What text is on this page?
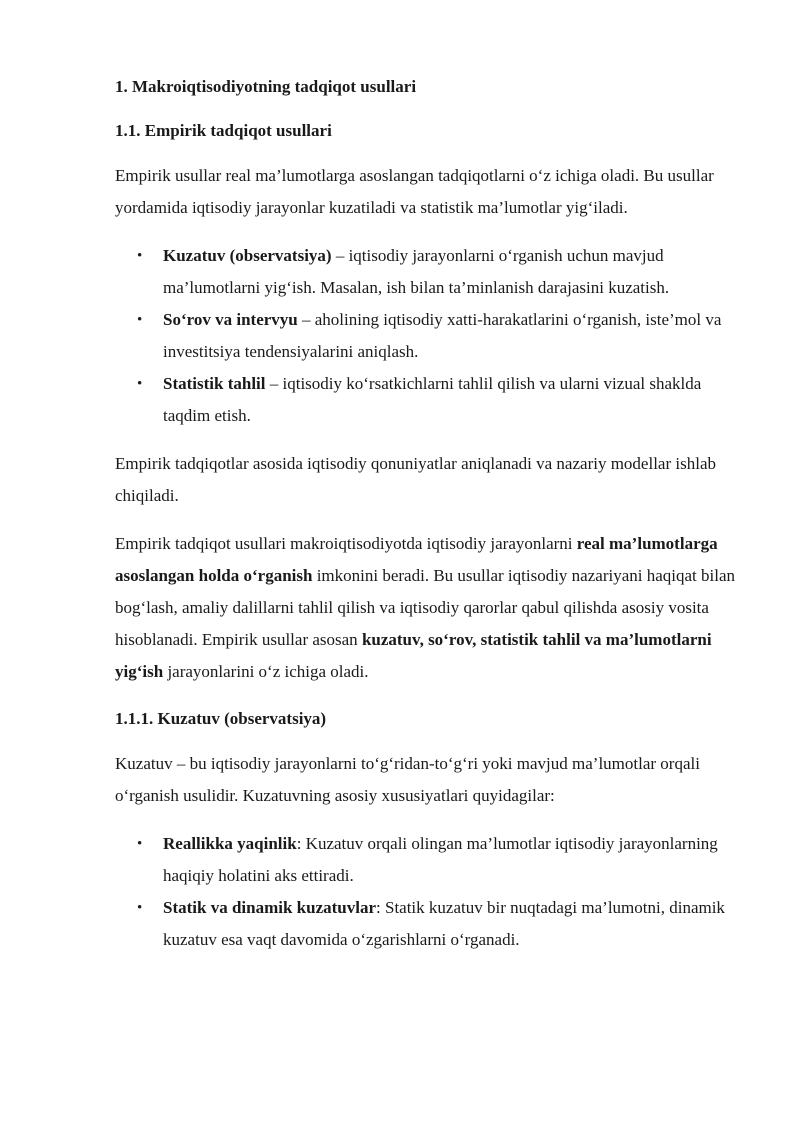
1. Makroiqtisodiyotning tadqiqot usullari
1.1. Empirik tadqiqot usullari

Empirik usullar real ma’lumotlarga asoslangan tadqiqotlarni o‘z ichiga oladi. Bu usullar yordamida iqtisodiy jarayonlar kuzatiladi va statistik ma’lumotlar yig‘iladi.

• Kuzatuv (observatsiya) – iqtisodiy jarayonlarni o‘rganish uchun mavjud ma’lumotlarni yig‘ish. Masalan, ish bilan ta’minlanish darajasini kuzatish.
• So‘rov va intervyu – aholining iqtisodiy xatti-harakatlarini o‘rganish, iste’mol va investitsiya tendensiyalarini aniqlash.
• Statistik tahlil – iqtisodiy ko‘rsatkichlarni tahlil qilish va ularni vizual shaklda taqdim etish.

Empirik tadqiqotlar asosida iqtisodiy qonuniyatlar aniqlanadi va nazariy modellar ishlab chiqiladi.

Empirik tadqiqot usullari makroiqtisodiyotda iqtisodiy jarayonlarni real ma’lumotlarga asoslangan holda o‘rganish imkonini beradi. Bu usullar iqtisodiy nazariyani haqiqat bilan bog‘lash, amaliy dalillarni tahlil qilish va iqtisodiy qarorlar qabul qilishda asosiy vosita hisoblanadi. Empirik usullar asosan kuzatuv, so‘rov, statistik tahlil va ma’lumotlarni yig‘ish jarayonlarini o‘z ichiga oladi.

1.1.1. Kuzatuv (observatsiya)

Kuzatuv – bu iqtisodiy jarayonlarni to‘g‘ridan-to‘g‘ri yoki mavjud ma’lumotlar orqali o‘rganish usulidir. Kuzatuvning asosiy xususiyatlari quyidagilar:

• Reallikka yaqinlik: Kuzatuv orqali olingan ma’lumotlar iqtisodiy jarayonlarning haqiqiy holatini aks ettiradi.
• Statik va dinamik kuzatuvlar: Statik kuzatuv bir nuqtadagi ma’lumotni, dinamik kuzatuv esa vaqt davomida o‘zgarishlarni o‘rganadi.
